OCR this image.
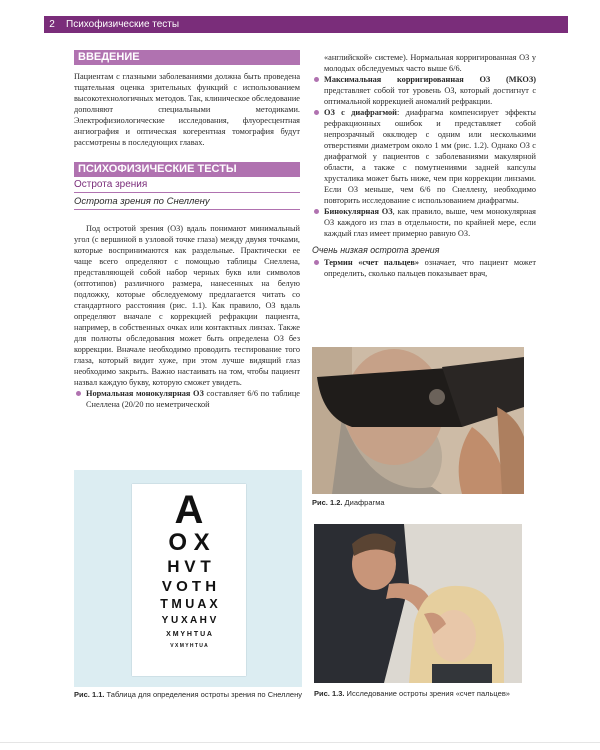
2	Психофизические тесты
ВВЕДЕНИЕ

Пациентам с глазными заболеваниями должна быть проведена тщательная оценка зрительных функций с использованием высокотехнологичных методов. Так, клиническое обследование дополняют специальными методиками. Электрофизиологические исследования, флуоресцентная ангиография и оптическая когерентная томография будут рассмотрены в последующих главах.

ПСИХОФИЗИЧЕСКИЕ ТЕСТЫ
Острота зрения
Острота зрения по Снеллену

Под остротой зрения (ОЗ) вдаль понимают минимальный угол (с вершиной в узловой точке глаза) между двумя точками, которые воспринимаются как раздельные. Практически ее чаще всего определяют с помощью таблицы Снеллена, представляющей собой набор черных букв или символов (оптотипов) различного размера, нанесенных на белую подложку, которые обследуемому предлагается читать со стандартного расстояния (рис. 1.1). Как правило, ОЗ вдаль определяют вначале с коррекцией рефракции пациента, например, в собственных очках или контактных линзах. Также для полноты обследования может быть определена ОЗ без коррекции. Вначале необходимо проводить тестирование того глаза, который видит хуже, при этом лучше видящий глаз необходимо закрыть. Важно настаивать на том, чтобы пациент назвал каждую букву, которую сможет увидеть.

Нормальная монокулярная ОЗ составляет 6/6 по таблице Снеллена (20/20 по неметрической

«английской» системе). Нормальная корригированная ОЗ у молодых обследуемых часто выше 6/6.

Максимальная корригированная ОЗ (МКОЗ) представляет собой тот уровень ОЗ, который достигнут с оптимальной коррекцией аномалий рефракции.

ОЗ с диафрагмой: диафрагма компенсирует эффекты рефракционных ошибок и представляет собой непрозрачный окклюдер с одним или несколькими отверстиями диаметром около 1 мм (рис. 1.2). Однако ОЗ с диафрагмой у пациентов с заболеваниями макулярной области, а также с помутнениями задней капсулы хрусталика может быть ниже, чем при коррекции линзами. Если ОЗ меньше, чем 6/6 по Снеллену, необходимо повторить исследование с использованием диафрагмы.

Бинокулярная ОЗ, как правило, выше, чем монокулярная ОЗ каждого из глаз в отдельности, по крайней мере, если каждый глаз имеет примерно равную ОЗ.

Очень низкая острота зрения

Термин «счет пальцев» означает, что пациент может определить, сколько пальцев показывает врач,

A
O X
H V T
V O T H
T M U A X
Y U X A H V
X M Y H T U A
V X M Y H T U A
Рис. 1.1. Таблица для определения остроты зрения по Снеллену
Рис. 1.2. Диафрагма
Рис. 1.3. Исследование остроты зрения «счет пальцев»
